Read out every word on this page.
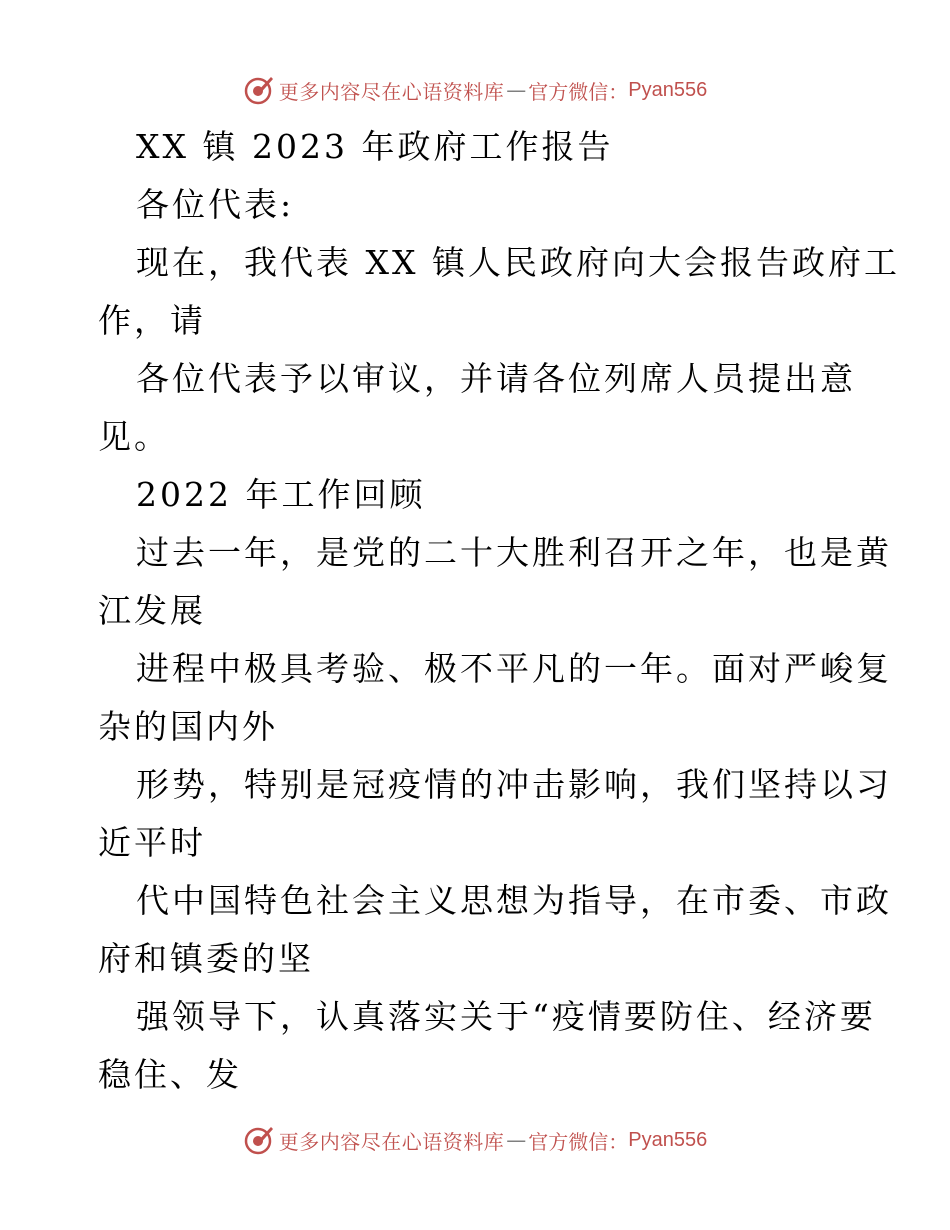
更多内容尽在心语资料库 — 官方微信： Pyan556
XX 镇 2023 年政府工作报告
各位代表:
现在，我代表 XX 镇人民政府向大会报告政府工
作，请
各位代表予以审议，并请各位列席人员提出意
见。
2022 年工作回顾
过去一年，是党的二十大胜利召开之年，也是黄
江发展
进程中极具考验、极不平凡的一年。面对严峻复
杂的国内外
形势，特别是冠疫情的冲击影响，我们坚持以习
近平时
代中国特色社会主义思想为指导，在市委、市政
府和镇委的坚
强领导下，认真落实关于“疫情要防住、经济要
稳住、发
更多内容尽在心语资料库 — 官方微信： Pyan556
